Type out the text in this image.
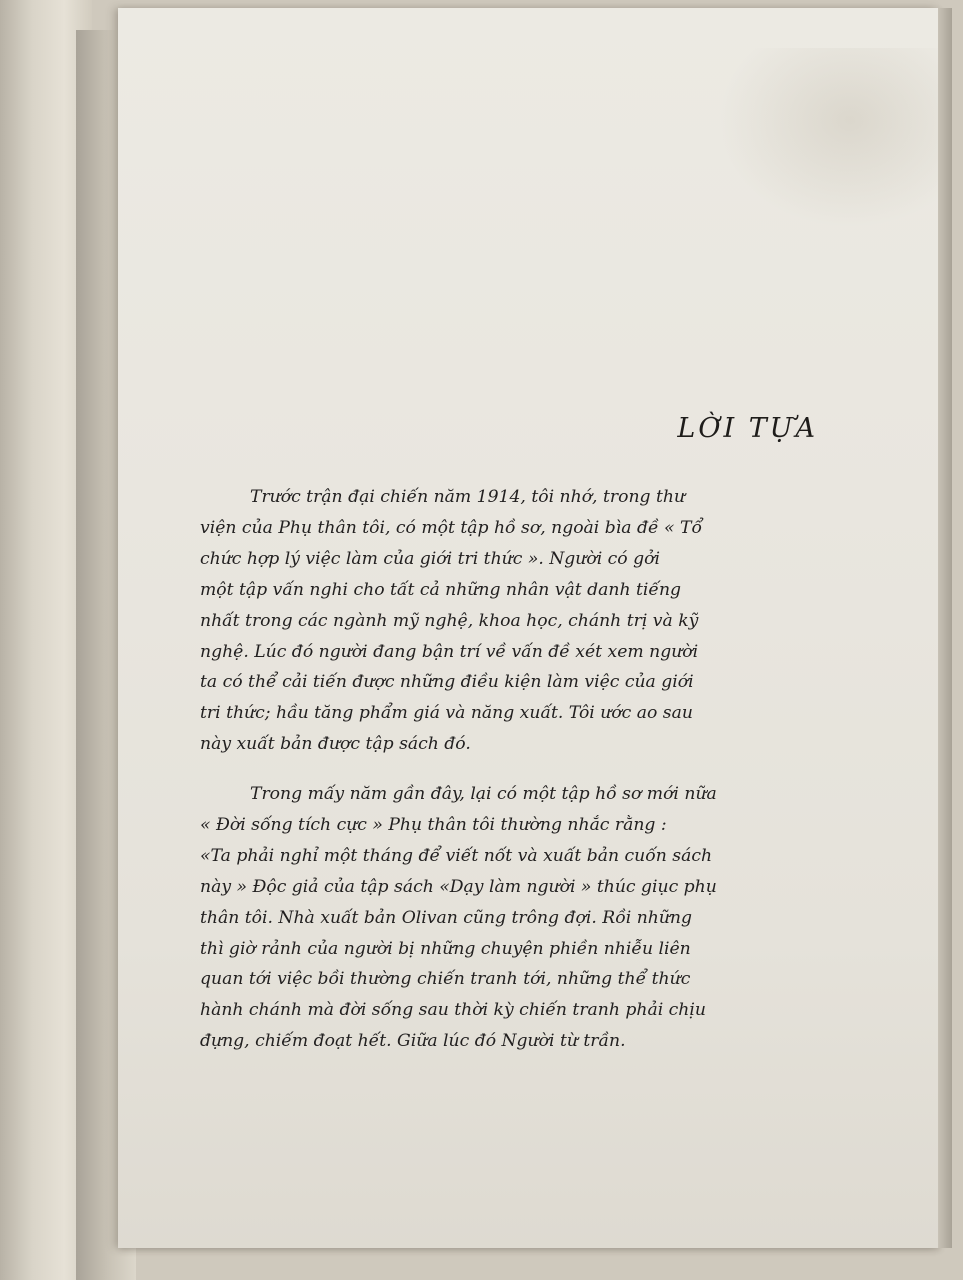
LỜI TỰA
Trước trận đại chiến năm 1914, tôi nhớ, trong thư
viện của Phụ thân tôi, có một tập hồ sơ, ngoài bìa đề « Tổ
chức hợp lý việc làm của giới tri thức ». Người có gởi
một tập vấn nghi cho tất cả những nhân vật danh tiếng
nhất trong các ngành mỹ nghệ, khoa học, chánh trị và kỹ
nghệ. Lúc đó người đang bận trí về vấn đề xét xem người
ta có thể cải tiến được những điều kiện làm việc của giới
tri thức; hầu tăng phẩm giá và năng xuất. Tôi ước ao sau
này xuất bản được tập sách đó.
Trong mấy năm gần đây, lại có một tập hồ sơ mới nữa
« Đời sống tích cực » Phụ thân tôi thường nhắc rằng :
«Ta phải nghỉ một tháng để viết nốt và xuất bản cuốn sách
này » Độc giả của tập sách «Dạy làm người » thúc giục phụ
thân tôi. Nhà xuất bản Olivan cũng trông đợi. Rồi những
thì giờ rảnh của người bị những chuyện phiền nhiễu liên
quan tới việc bồi thường chiến tranh tới, những thể thức
hành chánh mà đời sống sau thời kỳ chiến tranh phải chịu
đựng, chiếm đoạt hết. Giữa lúc đó Người từ trần.
